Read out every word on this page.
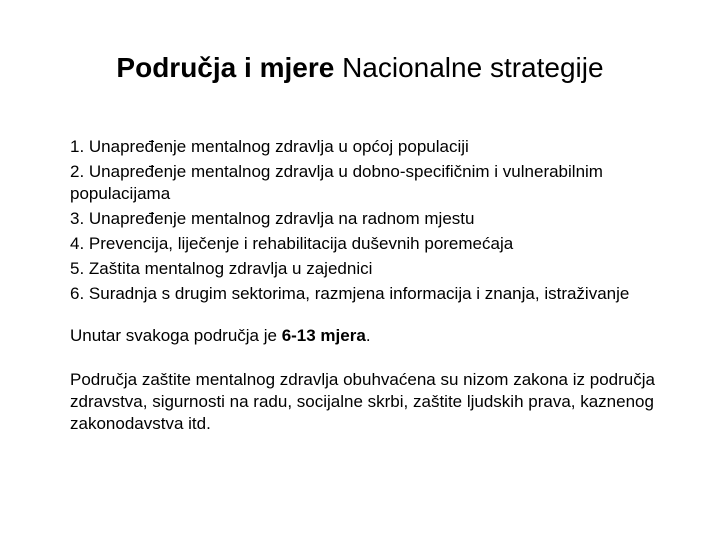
Područja i mjere Nacionalne strategije
1. Unapređenje mentalnog zdravlja u općoj populaciji
2. Unapređenje mentalnog zdravlja u dobno-specifičnim i vulnerabilnim populacijama
3. Unapređenje mentalnog zdravlja na radnom mjestu
4. Prevencija, liječenje i rehabilitacija duševnih poremećaja
5. Zaštita mentalnog zdravlja u zajednici
6. Suradnja s drugim sektorima, razmjena informacija i znanja, istraživanje

Unutar svakoga područja je 6-13 mjera.

Područja zaštite mentalnog zdravlja obuhvaćena su nizom zakona iz područja zdravstva, sigurnosti na radu, socijalne skrbi, zaštite ljudskih prava, kaznenog zakonodavstva itd.
